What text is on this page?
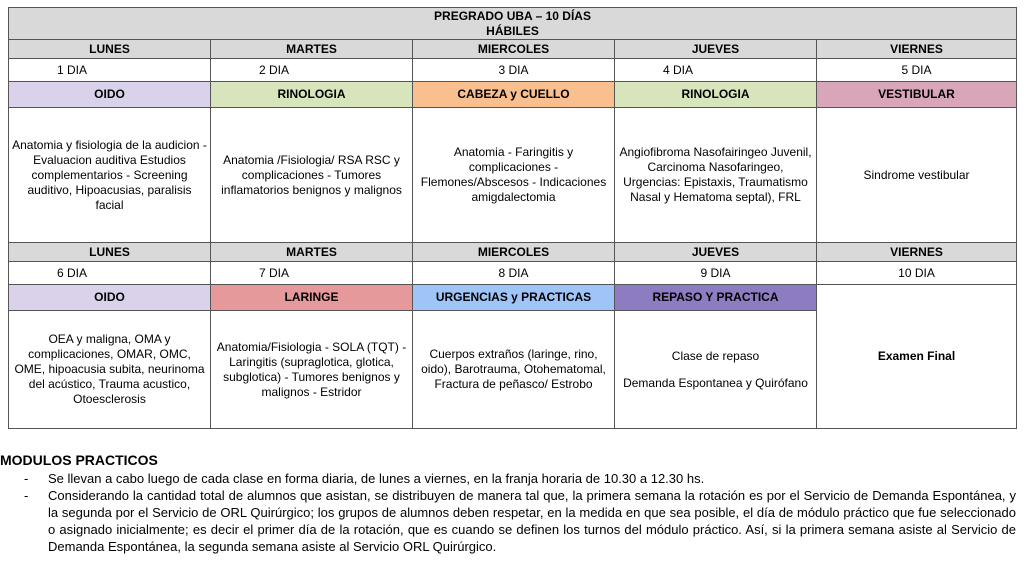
PREGRADO UBA – 10 DÍAS
HÁBILES				
LUNES	MARTES	MIERCOLES	JUEVES	VIERNES
1 DIA	2 DIA	3 DIA	4 DIA	5 DIA
OIDO	RINOLOGIA	CABEZA y CUELLO	RINOLOGIA	VESTIBULAR
Anatomia y fisiologia de la audicion - Evaluacion auditiva Estudios complementarios - Screening auditivo, Hipoacusias, paralisis facial	Anatomia /Fisiologia/ RSA RSC y complicaciones - Tumores inflamatorios benignos y malignos	Anatomia - Faringitis y complicaciones - Flemones/Abscesos - Indicaciones amigdalectomia	Angiofibroma Nasofairingeo Juvenil, Carcinoma Nasofaringeo, Urgencias: Epistaxis, Traumatismo Nasal y Hematoma septal), FRL	Sindrome vestibular
LUNES	MARTES	MIERCOLES	JUEVES	VIERNES
6 DIA	7 DIA	8 DIA	9 DIA	10 DIA
OIDO	LARINGE	URGENCIAS y PRACTICAS	REPASO Y PRACTICA	Examen Final
OEA y maligna, OMA y complicaciones, OMAR, OMC, OME, hipoacusia subita, neurinoma del acústico, Trauma acustico, Otoesclerosis	Anatomia/Fisiologia - SOLA (TQT) - Laringitis (supraglotica, glotica, subglotica) - Tumores benignos y malignos - Estridor	Cuerpos extraños (laringe, rino, oido), Barotrauma, Otohematomal, Fractura de peñasco/ Estrobo	Clase de repaso
Demanda Espontanea y Quirófano	
MODULOS PRACTICOS
- Se llevan a cabo luego de cada clase en forma diaria, de lunes a viernes, en la franja horaria de 10.30 a 12.30 hs.
- Considerando la cantidad total de alumnos que asistan, se distribuyen de manera tal que, la primera semana la rotación es por el Servicio de Demanda Espontánea, y la segunda por el Servicio de ORL Quirúrgico; los grupos de alumnos deben respetar, en la medida en que sea posible, el día de módulo práctico que fue seleccionado o asignado inicialmente; es decir el primer día de la rotación, que es cuando se definen los turnos del módulo práctico. Así, si la primera semana asiste al Servicio de Demanda Espontánea, la segunda semana asiste al Servicio ORL Quirúrgico.
